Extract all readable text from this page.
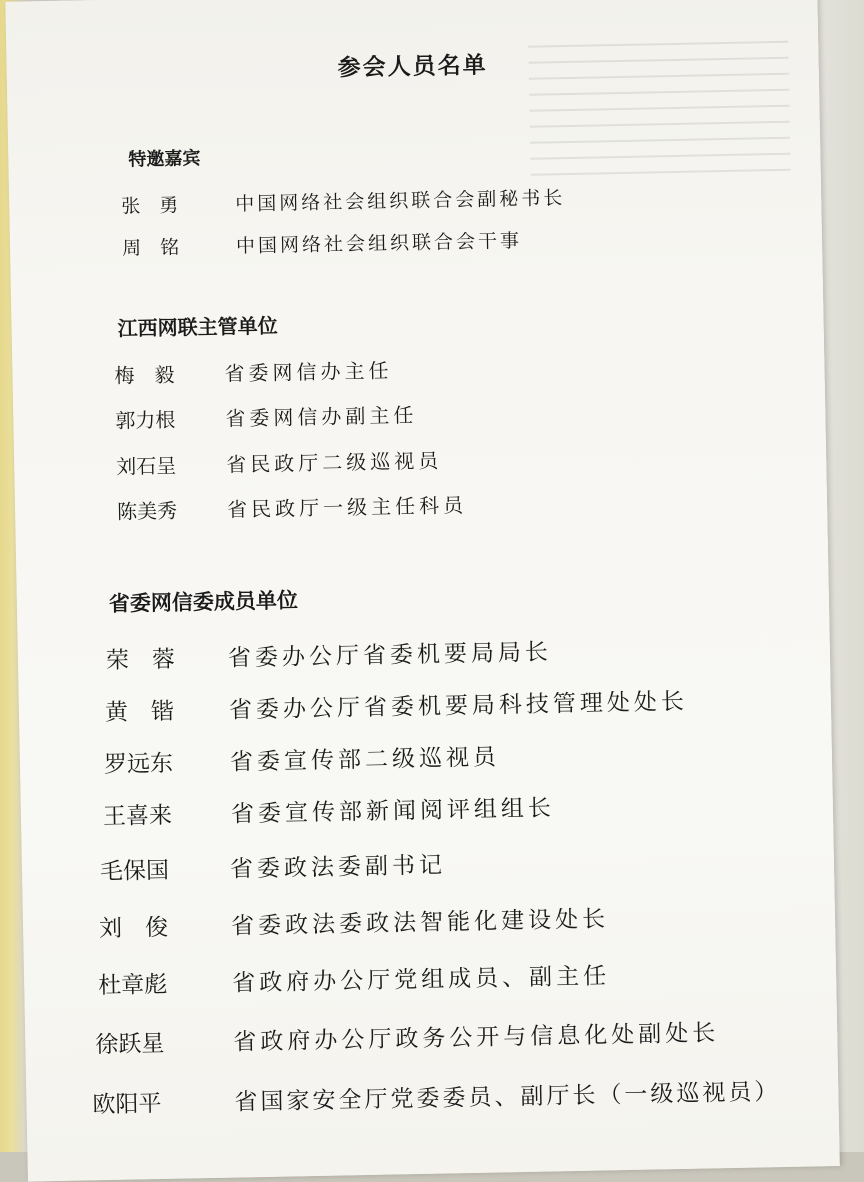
参会人员名单
特邀嘉宾
张　勇	中国网络社会组织联合会副秘书长
周　铭	中国网络社会组织联合会干事
江西网联主管单位
梅　毅 省委网信办主任
郭力根 省委网信办副主任
刘石呈 省民政厅二级巡视员
陈美秀 省民政厅一级主任科员
省委网信委成员单位
荣　蓉 省委办公厅省委机要局局长
黄　锴 省委办公厅省委机要局科技管理处处长
罗远东 省委宣传部二级巡视员
王喜来	省委宣传部新闻阅评组组长
毛保国	省委政法委副书记
刘　俊	省委政法委政法智能化建设处长
杜章彪	省政府办公厅党组成员、副主任
徐跃星	省政府办公厅政务公开与信息化处副处长
欧阳平	省国家安全厅党委委员、副厅长（一级巡视员）
